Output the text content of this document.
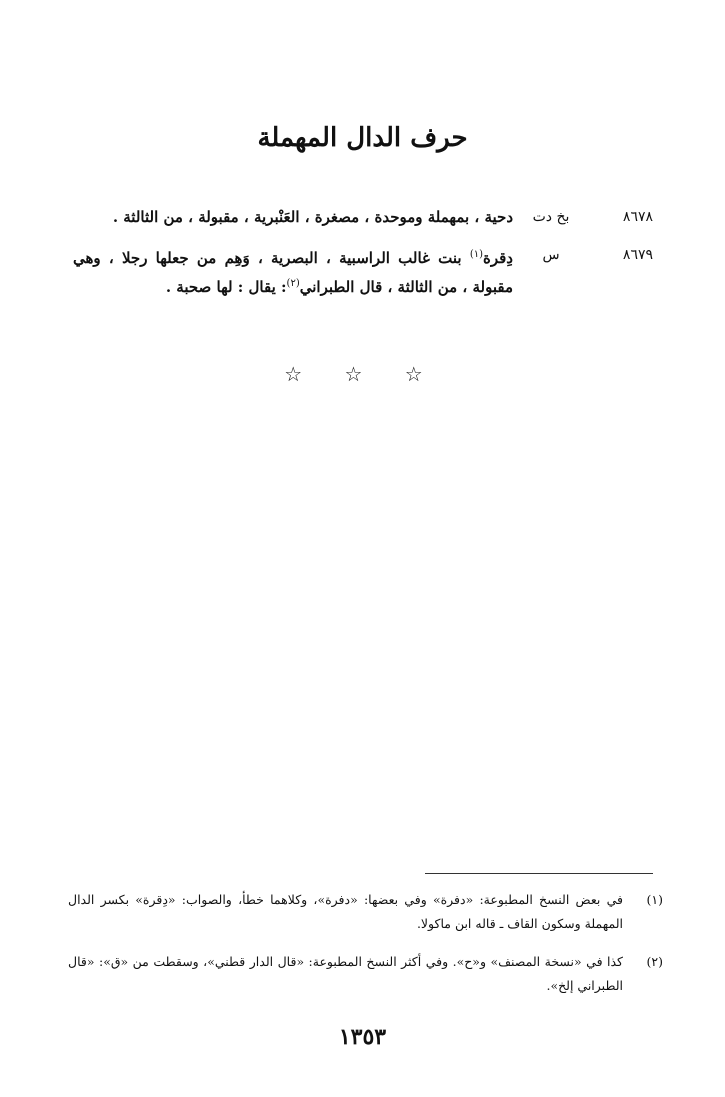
حرف الدال المهملة
٨٦٧٨
بخ دت
دحية ، بمهملة وموحدة ، مصغرة ، العَنْبرية ، مقبولة ، من الثالثة .
٨٦٧٩
س
دِقرة$^{(١)}$ بنت غالب الراسبية ، البصرية ، وَهِم من جعلها رجلا ، وهي مقبولة ، من الثالثة ، قال الطبراني$^{(٢)}$: يقال : لها صحبة .
☆ ☆ ☆
(١)
في بعض النسخ المطبوعة: «دفرة» وفي بعضها: «دفرة»، وكلاهما خطأ، والصواب: «دِقرة» بكسر الدال المهملة وسكون القاف ـ قاله ابن ماكولا.
(٢)
كذا في «نسخة المصنف» و«ح». وفي أكثر النسخ المطبوعة: «قال الدار قطني»، وسقطت من «ق»: «قال الطبراني إلخ».
١٣٥٣
